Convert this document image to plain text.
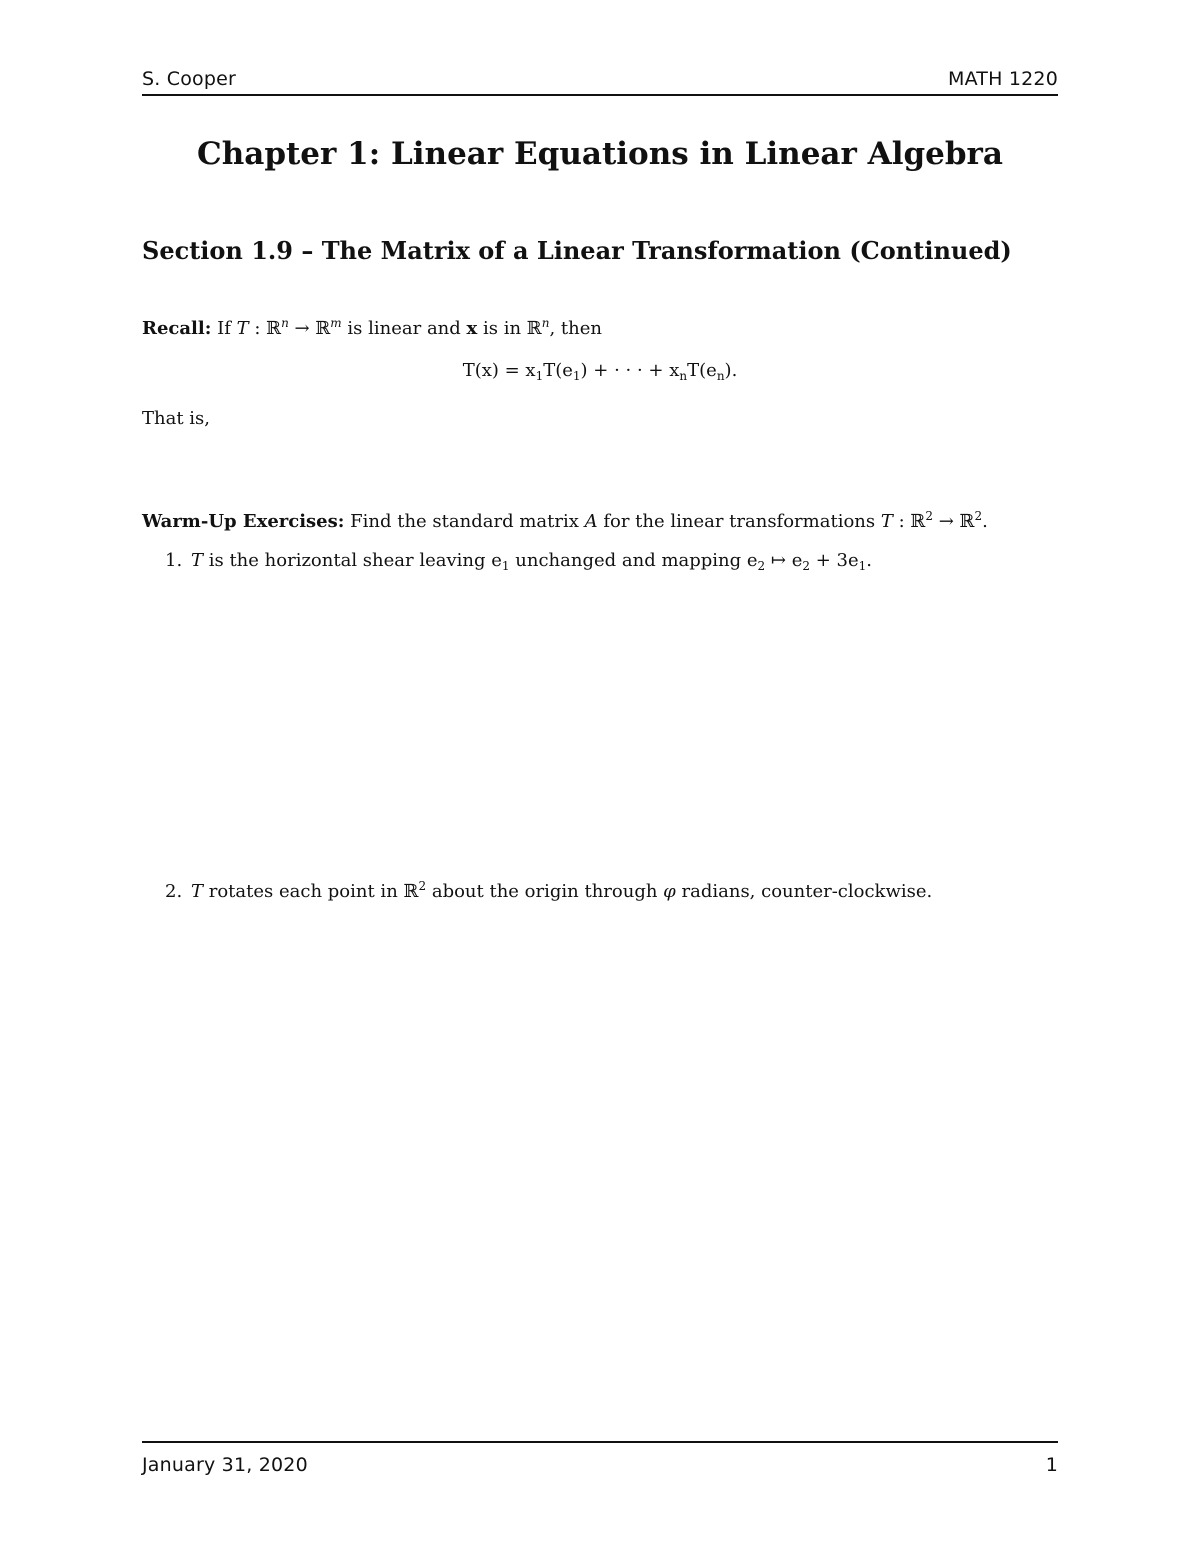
S. Cooper	MATH 1220
Chapter 1: Linear Equations in Linear Algebra
Section 1.9 – The Matrix of a Linear Transformation (Continued)

Recall: If T : ℝ$^n$ → ℝ$^m$ is linear and x is in ℝ$^n$, then

$T(x) = x_1T(e_1)$ + · · · + $x_nT(e_n)$.

That is,

Warm-Up Exercises: Find the standard matrix A for the linear transformations T : ℝ$^2$ → ℝ$^2$.

1. T is the horizontal shear leaving $e_1$ unchanged and mapping $e_2$ ↦ $e_2 + 3e_1$.
2. T rotates each point in ℝ$^2$ about the origin through φ radians, counter-clockwise.
January 31, 2020	1
